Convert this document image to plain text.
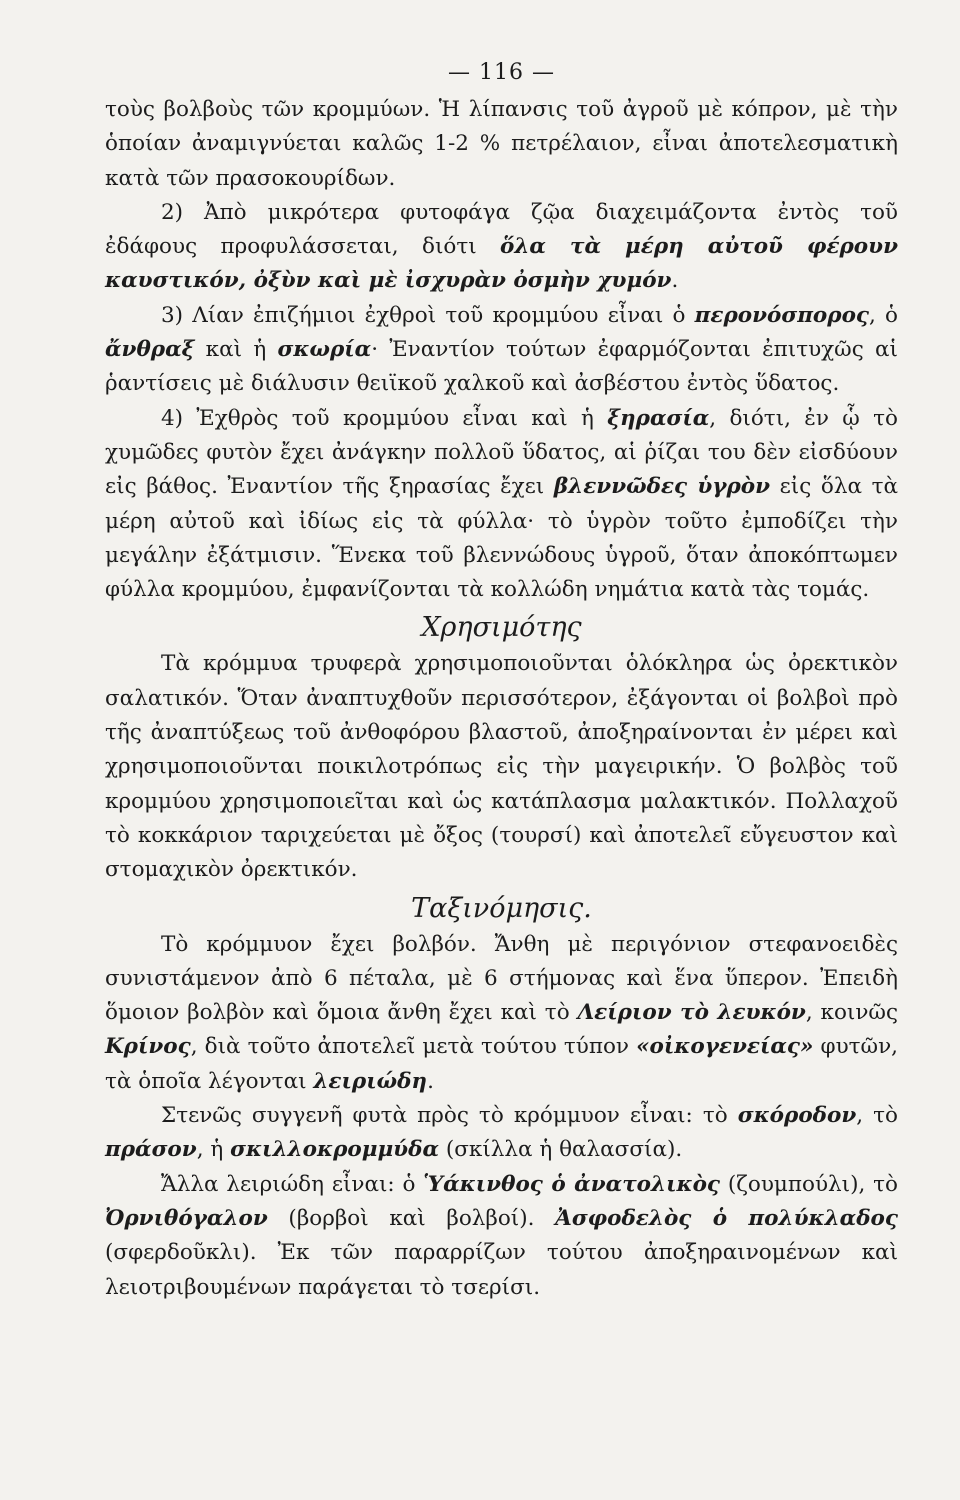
— 116 —

τοὺς βολβοὺς τῶν κρομμύων. Ἡ λίπανσις τοῦ ἀγροῦ μὲ κόπρον, μὲ τὴν ὁποίαν ἀναμιγνύεται καλῶς 1-2 % πετρέλαιον, εἶναι ἀποτελεσματικὴ κατὰ τῶν πρασοκουρίδων.

2) Ἀπὸ μικρότερα φυτοφάγα ζῷα διαχειμάζοντα ἐντὸς τοῦ ἐδάφους προφυλάσσεται, διότι ὅλα τὰ μέρη αὐτοῦ φέρουν καυστικόν, ὀξὺν καὶ μὲ ἰσχυρὰν ὀσμὴν χυμόν.

3) Λίαν ἐπιζήμιοι ἐχθροὶ τοῦ κρομμύου εἶναι ὁ περονόσπορος, ὁ ἄνθραξ καὶ ἡ σκωρία· Ἐναντίον τούτων ἐφαρμόζονται ἐπιτυχῶς αἱ ῥαντίσεις μὲ διάλυσιν θειϊκοῦ χαλκοῦ καὶ ἀσβέστου ἐντὸς ὕδατος.

4) Ἐχθρὸς τοῦ κρομμύου εἶναι καὶ ἡ ξηρασία, διότι, ἐν ᾧ τὸ χυμῶδες φυτὸν ἔχει ἀνάγκην πολλοῦ ὕδατος, αἱ ῥίζαι του δὲν εἰσδύουν εἰς βάθος. Ἐναντίον τῆς ξηρασίας ἔχει βλεννῶδες ὑγρὸν εἰς ὅλα τὰ μέρη αὐτοῦ καὶ ἰδίως εἰς τὰ φύλλα· τὸ ὑγρὸν τοῦτο ἐμποδίζει τὴν μεγάλην ἐξάτμισιν. Ἕνεκα τοῦ βλεννώδους ὑγροῦ, ὅταν ἀποκόπτωμεν φύλλα κρομμύου, ἐμφανίζονται τὰ κολλώδη νημάτια κατὰ τὰς τομάς.

Χρησιμότης

Τὰ κρόμμυα τρυφερὰ χρησιμοποιοῦνται ὁλόκληρα ὡς ὀρεκτικὸν σαλατικόν. Ὅταν ἀναπτυχθοῦν περισσότερον, ἐξάγονται οἱ βολβοὶ πρὸ τῆς ἀναπτύξεως τοῦ ἀνθοφόρου βλαστοῦ, ἀποξηραίνονται ἐν μέρει καὶ χρησιμοποιοῦνται ποικιλοτρόπως εἰς τὴν μαγειρικήν. Ὁ βολβὸς τοῦ κρομμύου χρησιμοποιεῖται καὶ ὡς κατάπλασμα μαλακτικόν. Πολλαχοῦ τὸ κοκκάριον ταριχεύεται μὲ ὄξος (τουρσί) καὶ ἀποτελεῖ εὔγευστον καὶ στομαχικὸν ὀρεκτικόν.

Ταξινόμησις.

Τὸ κρόμμυον ἔχει βολβόν. Ἄνθη μὲ περιγόνιον στεφανοειδὲς συνιστάμενον ἀπὸ 6 πέταλα, μὲ 6 στήμονας καὶ ἕνα ὕπερον. Ἐπειδὴ ὅμοιον βολβὸν καὶ ὅμοια ἄνθη ἔχει καὶ τὸ Λείριον τὸ λευκόν, κοινῶς Κρίνος, διὰ τοῦτο ἀποτελεῖ μετὰ τούτου τύπον «οἰκογενείας» φυτῶν, τὰ ὁποῖα λέγονται λειριώδη.

Στενῶς συγγενῆ φυτὰ πρὸς τὸ κρόμμυον εἶναι: τὸ σκόροδον, τὸ πράσον, ἡ σκιλλοκρομμύδα (σκίλλα ἡ θαλασσία).

Ἄλλα λειριώδη εἶναι: ὁ Ὑάκινθος ὁ ἀνατολικὸς (ζουμπούλι), τὸ Ὀρνιθόγαλον (βορβοὶ καὶ βολβοί). Ἀσφοδελὸς ὁ πολύκλαδος (σφερδοῦκλι). Ἐκ τῶν παραρρίζων τούτου ἀποξηραινομένων καὶ λειοτριβουμένων παράγεται τὸ τσερίσι.
